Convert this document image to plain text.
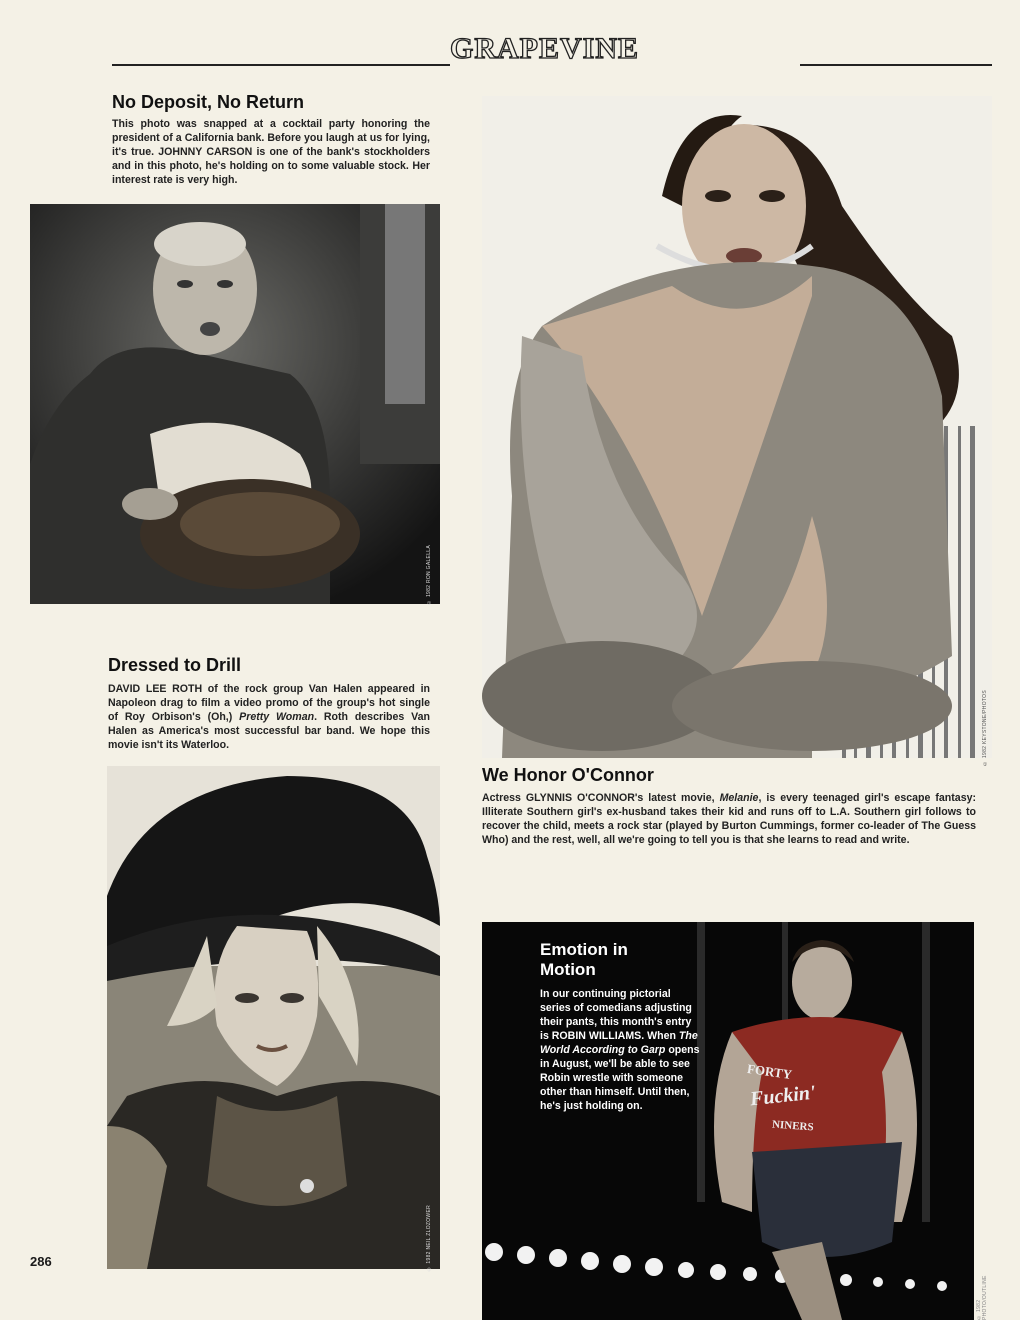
GRAPEVINE
No Deposit, No Return

This photo was snapped at a cocktail party honoring the president of a California bank. Before you laugh at us for lying, it's true. JOHNNY CARSON is one of the bank's stockholders and in this photo, he's holding on to some valuable stock. Her interest rate is very high.

© 1982 RON GALELLA
© 1982 KEYSTONE/PHOTOS
Dressed to Drill

DAVID LEE ROTH of the rock group Van Halen appeared in Napoleon drag to film a video promo of the group's hot single of Roy Orbison's (Oh,) Pretty Woman. Roth describes Van Halen as America's most successful bar band. We hope this movie isn't its Waterloo.

© 1982 NEIL ZLOZOWER
We Honor O'Connor

Actress GLYNNIS O'CONNOR's latest movie, Melanie, is every teenaged girl's escape fantasy: Illiterate Southern girl's ex-husband takes their kid and runs off to L.A. Southern girl follows to recover the child, meets a rock star (played by Burton Cummings, former co-leader of The Guess Who) and the rest, well, all we're going to tell you is that she learns to read and write.

FORTY
Fuckin'
NINERS
Emotion in
Motion

In our continuing pictorial series of comedians adjusting their pants, this month's entry is ROBIN WILLIAMS. When The World According to Garp opens in August, we'll be able to see Robin wrestle with someone other than himself. Until then, he's just holding on.

© 1982 PHOTO/OUTLINE
286
